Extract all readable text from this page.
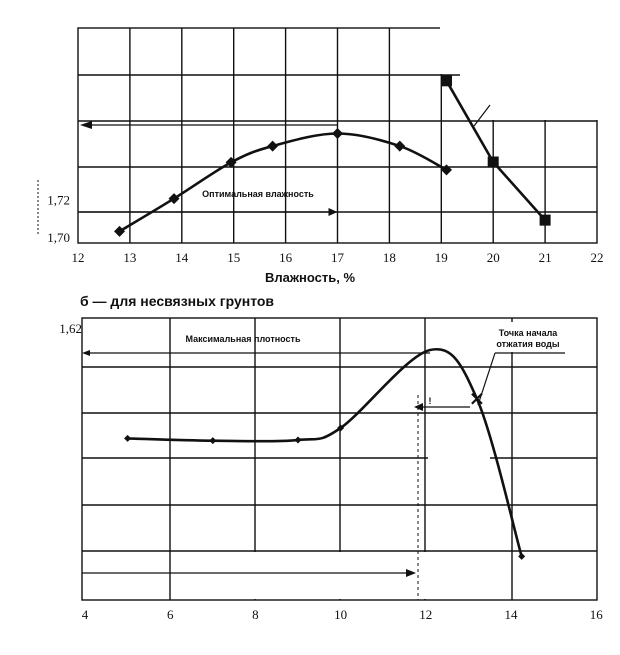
12	13	14	15	16	17	18	19	20	21	22
1,70
1,72
Влажность, %
Оптимальная влажность
б — для несвязных грунтов
4	6	8	10	12	14	16
1,62
Максимальная плотность
Точка начала
отжатия воды
!
